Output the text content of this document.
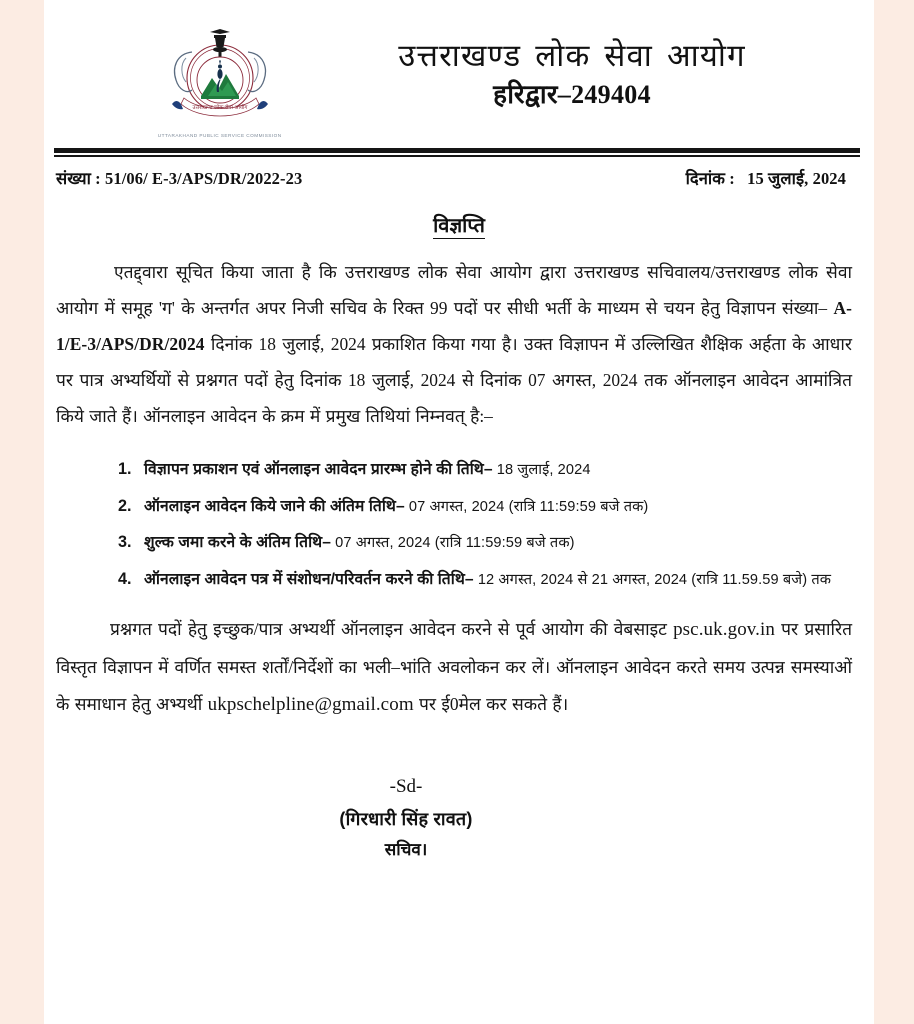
उत्तराखण्ड लोक सेवा आयोग
UTTARAKHAND PUBLIC SERVICE COMMISSION
उत्तराखण्ड लोक सेवा आयोग
हरिद्वार–249404
संख्या : 51/06/ E-3/APS/DR/2022-23	दिनांक : 15 जुलाई, 2024
विज्ञप्ति

एतद्द्वारा सूचित किया जाता है कि उत्तराखण्ड लोक सेवा आयोग द्वारा उत्तराखण्ड सचिवालय/उत्तराखण्ड लोक सेवा आयोग में समूह 'ग' के अन्तर्गत अपर निजी सचिव के रिक्त 99 पदों पर सीधी भर्ती के माध्यम से चयन हेतु विज्ञापन संख्या– A-1/E-3/APS/DR/2024 दिनांक 18 जुलाई, 2024 प्रकाशित किया गया है। उक्त विज्ञापन में उल्लिखित शैक्षिक अर्हता के आधार पर पात्र अभ्यर्थियों से प्रश्नगत पदों हेतु दिनांक 18 जुलाई, 2024 से दिनांक 07 अगस्त, 2024 तक ऑनलाइन आवेदन आमांत्रित किये जाते हैं। ऑनलाइन आवेदन के क्रम में प्रमुख तिथियां निम्नवत् है:–

विज्ञापन प्रकाशन एवं ऑनलाइन आवेदन प्रारम्भ होने की तिथि– 18 जुलाई, 2024
ऑनलाइन आवेदन किये जाने की अंतिम तिथि– 07 अगस्त, 2024 (रात्रि 11:59:59 बजे तक)
शुल्क जमा करने के अंतिम तिथि– 07 अगस्त, 2024 (रात्रि 11:59:59 बजे तक)
ऑनलाइन आवेदन पत्र में संशोधन/परिवर्तन करने की तिथि– 12 अगस्त, 2024 से 21 अगस्त, 2024 (रात्रि 11.59.59 बजे) तक

प्रश्नगत पदों हेतु इच्छुक/पात्र अभ्यर्थी ऑनलाइन आवेदन करने से पूर्व आयोग की वेबसाइट psc.uk.gov.in पर प्रसारित विस्तृत विज्ञापन में वर्णित समस्त शर्तों/निर्देशों का भली–भांति अवलोकन कर लें। ऑनलाइन आवेदन करते समय उत्पन्न समस्याओं के समाधान हेतु अभ्यर्थी ukpschelpline@gmail.com पर ई0मेल कर सकते हैं।

-Sd-
(गिरधारी सिंह रावत)
सचिव।
